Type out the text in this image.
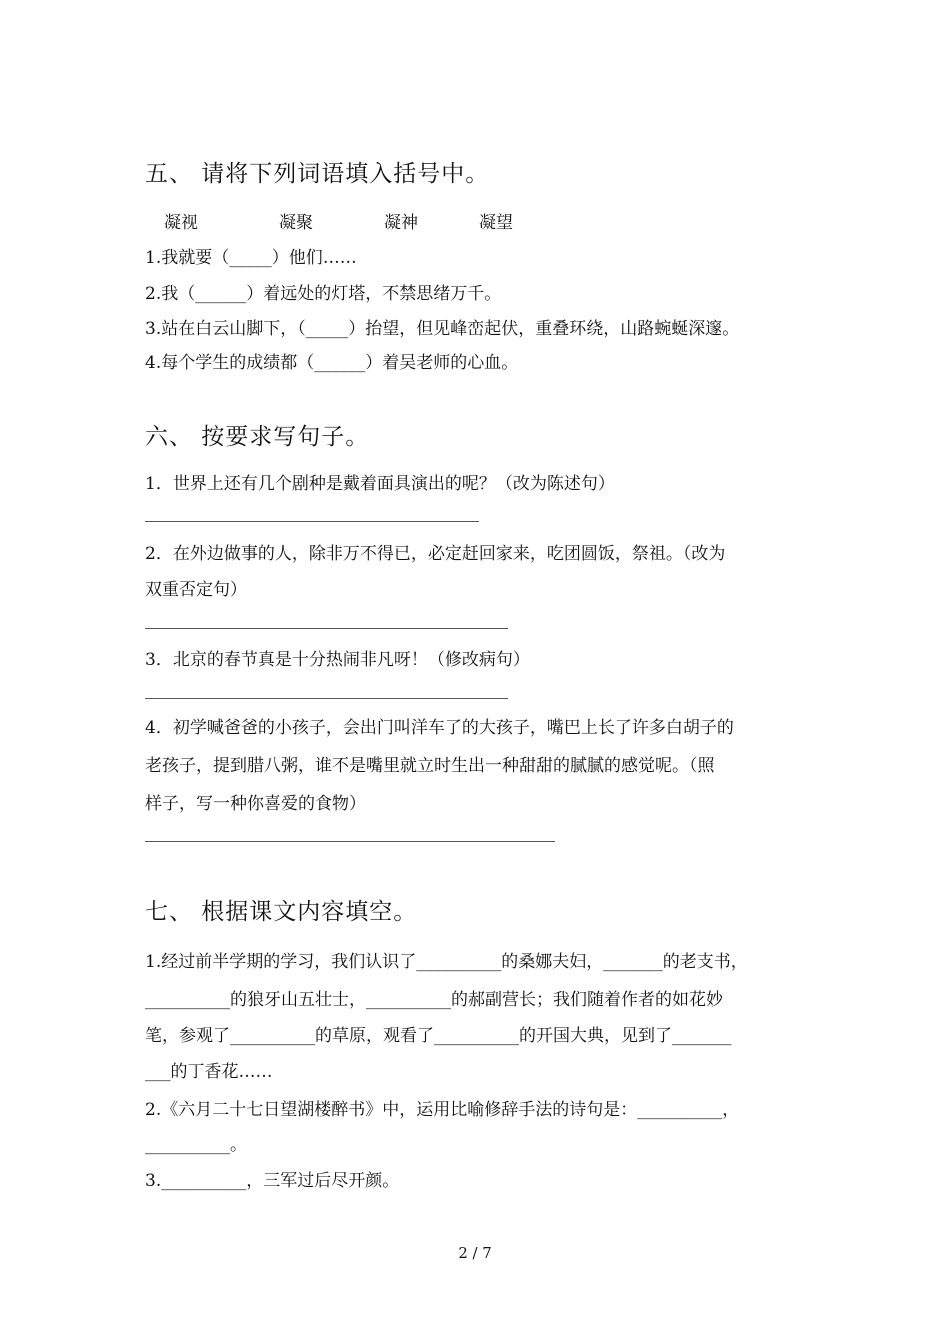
五、 请将下列词语填入括号中。
凝视	凝聚	凝神	凝望
1.我就要（_____）他们……
2.我（______）着远处的灯塔，不禁思绪万千。
3.站在白云山脚下，（_____）抬望，但见峰峦起伏，重叠环绕，山路蜿蜒深邃。
4.每个学生的成绩都（______）着吴老师的心血。
六、 按要求写句子。
1．世界上还有几个剧种是戴着面具演出的呢？（改为陈述句）
2．在外边做事的人，除非万不得已，必定赶回家来，吃团圆饭，祭祖。（改为
双重否定句）
3．北京的春节真是十分热闹非凡呀！（修改病句）
4．初学喊爸爸的小孩子，会出门叫洋车了的大孩子，嘴巴上长了许多白胡子的
老孩子，提到腊八粥，谁不是嘴里就立时生出一种甜甜的腻腻的感觉呢。（照
样子，写一种你喜爱的食物）
七、 根据课文内容填空。
1.经过前半学期的学习，我们认识了__________的桑娜夫妇，_______的老支书，
__________的狼牙山五壮士，__________的郝副营长；我们随着作者的如花妙
笔，参观了__________的草原，观看了__________的开国大典，见到了_______
___的丁香花……
2.《六月二十七日望湖楼醉书》中，运用比喻修辞手法的诗句是：__________，
__________。
3.__________，三军过后尽开颜。
2 / 7
